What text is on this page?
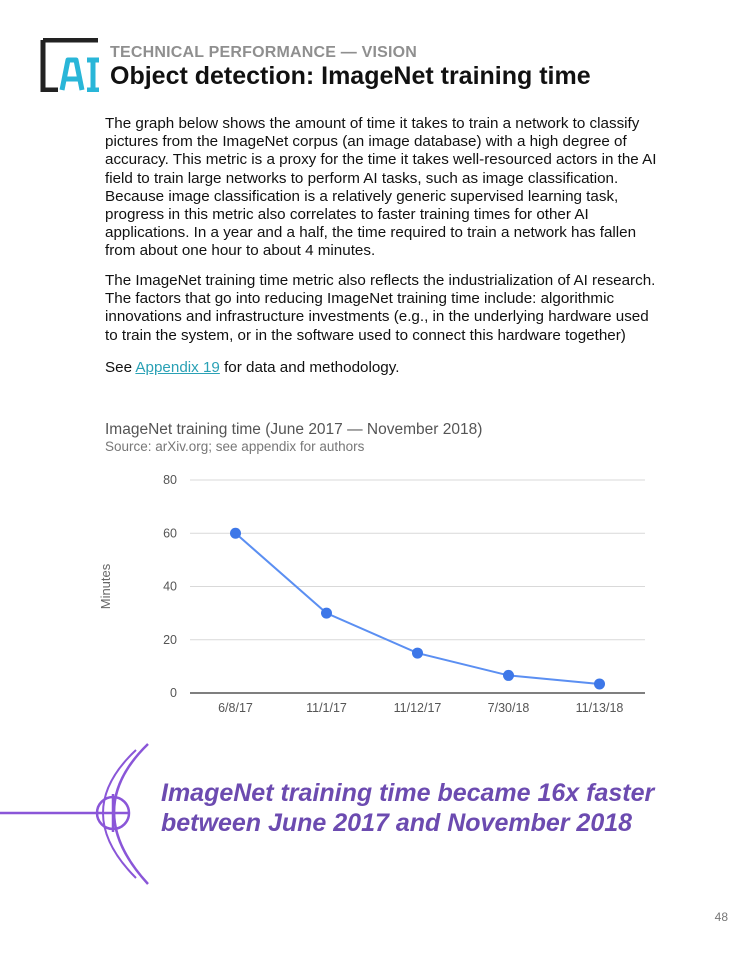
TECHNICAL PERFORMANCE — VISION
Object detection: ImageNet training time
The graph below shows the amount of time it takes to train a network to classify pictures from the ImageNet corpus (an image database) with a high degree of accuracy. This metric is a proxy for the time it takes well-resourced actors in the AI field to train large networks to perform AI tasks, such as image classification. Because image classification is a relatively generic supervised learning task, progress in this metric also correlates to faster training times for other AI applications. In a year and a half, the time required to train a network has fallen from about one hour to about 4 minutes.
The ImageNet training time metric also reflects the industrialization of AI research. The factors that go into reducing ImageNet training time include: algorithmic innovations and infrastructure investments (e.g., in the underlying hardware used to train the system, or in the software used to connect this hardware together)
See Appendix 19 for data and methodology.
ImageNet training time (June 2017 — November 2018)
Source: arXiv.org; see appendix for authors
0
20
40
60
80
6/8/17	11/1/17	11/12/17	7/30/18	11/13/18
Minutes
ImageNet training time became 16x faster between June 2017 and November 2018
48
